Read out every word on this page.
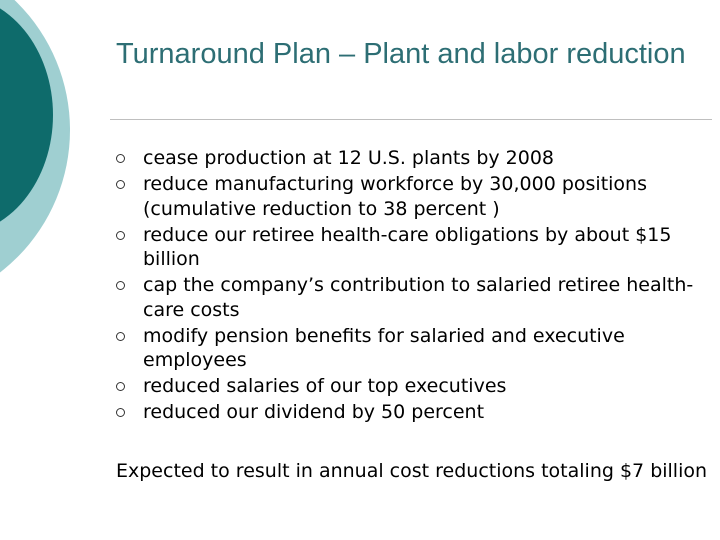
Turnaround Plan – Plant and labor reduction
cease production at 12 U.S. plants by 2008
reduce manufacturing workforce by 30,000 positions (cumulative reduction to 38 percent )
reduce our retiree health-care obligations by about $15 billion
cap the company’s contribution to salaried retiree health-care costs
modify pension benefits for salaried and executive employees
reduced salaries of our top executives
reduced our dividend by 50 percent

Expected to result in annual cost reductions totaling $7 billion
